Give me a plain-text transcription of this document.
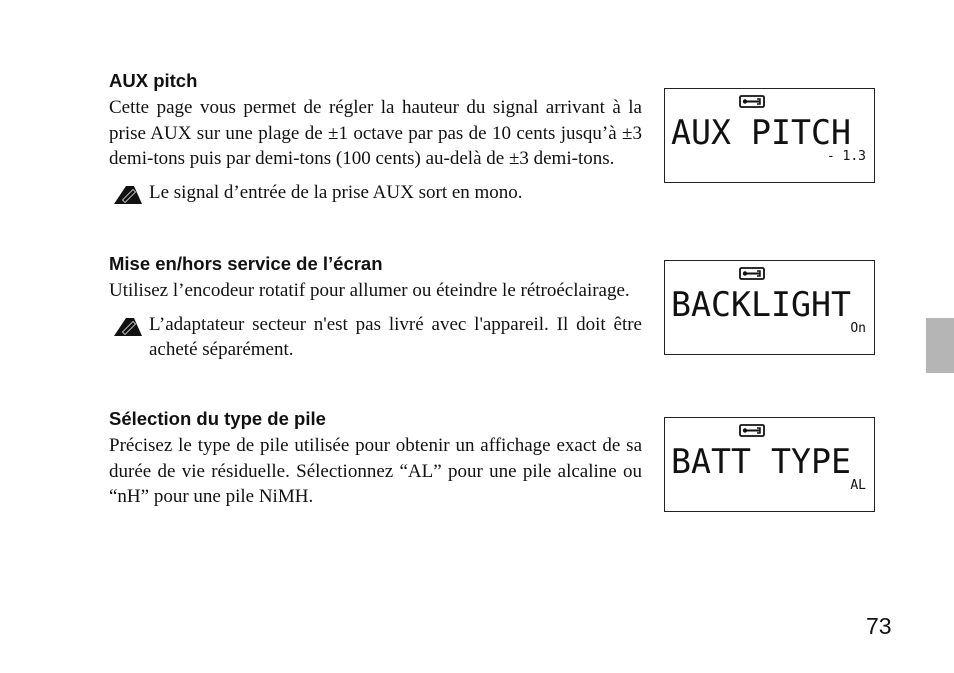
AUX pitch

Cette page vous permet de régler la hauteur du signal arrivant à la prise AUX sur une plage de ±1 octave par pas de 10 cents jusqu’à ±3 demi-tons puis par demi-tons (100 cents) au-delà de ±3 demi-tons.

Le signal d’entrée de la prise AUX sort en mono.
Mise en/hors service de l’écran

Utilisez l’encodeur rotatif pour allumer ou éteindre le rétroéclairage.

L’adaptateur secteur n'est pas livré avec l'appareil. Il doit être acheté séparément.
Sélection du type de pile

Précisez le type de pile utilisée pour obtenir un affichage exact de sa durée de vie résiduelle. Sélectionnez “AL” pour une pile alcaline ou “nH” pour une pile NiMH.

AUX PITCH
- 1.3
BACKLIGHT
On
BATT TYPE
AL
73
